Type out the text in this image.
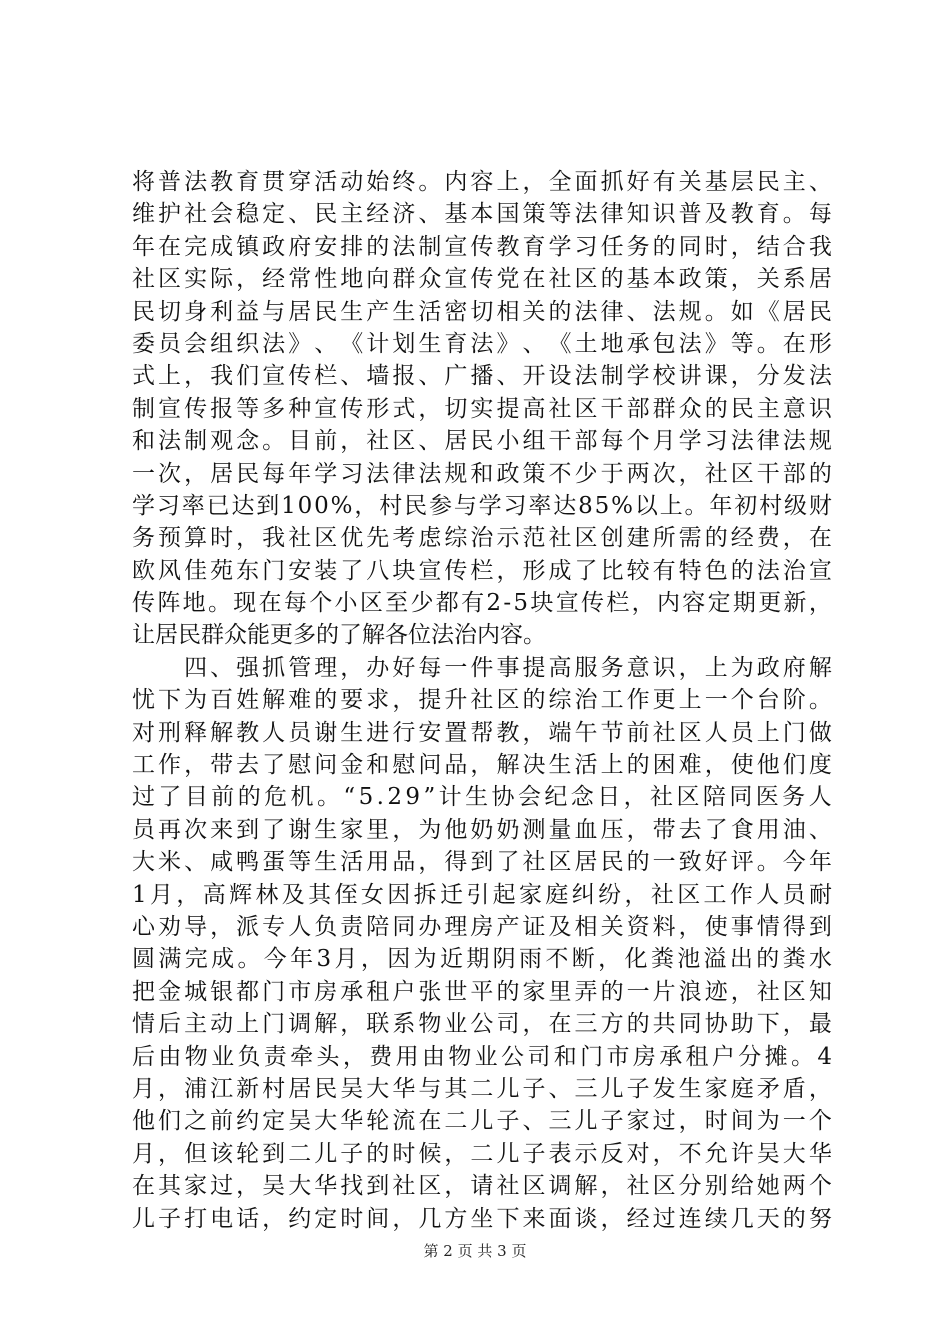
将 普 法 教 育 贯 穿 活 动 始 终 。 内 容 上 ， 全 面 抓 好 有 关 基 层 民 主 、
维 护 社 会 稳 定 、 民 主 经 济 、 基 本 国 策 等 法 律 知 识 普 及 教 育 。 每
年 在 完 成 镇 政 府 安 排 的 法 制 宣 传 教 育 学 习 任 务 的 同 时 ， 结 合 我
社 区 实 际 ， 经 常 性 地 向 群 众 宣 传 党 在 社 区 的 基 本 政 策 ， 关 系 居
民 切 身 利 益 与 居 民 生 产 生 活 密 切 相 关 的 法 律 、 法 规 。 如 《 居 民
委 员 会 组 织 法 》 、 《 计 划 生 育 法 》 、 《 土 地 承 包 法 》 等 。 在 形
式 上 ， 我 们 宣 传 栏 、 墙 报 、 广 播 、 开 设 法 制 学 校 讲 课 ， 分 发 法
制 宣 传 报 等 多 种 宣 传 形 式 ， 切 实 提 高 社 区 干 部 群 众 的 民 主 意 识
和 法 制 观 念 。 目 前 ， 社 区 、 居 民 小 组 干 部 每 个 月 学 习 法 律 法 规
一 次 ， 居 民 每 年 学 习 法 律 法 规 和 政 策 不 少 于 两 次 ， 社 区 干 部 的
学 习 率 已 达 到 1 0 0 % ， 村 民 参 与 学 习 率 达 8 5 % 以 上 。 年 初 村 级 财
务 预 算 时 ， 我 社 区 优 先 考 虑 综 治 示 范 社 区 创 建 所 需 的 经 费 ， 在
欧 风 佳 苑 东 门 安 装 了 八 块 宣 传 栏 ， 形 成 了 比 较 有 特 色 的 法 治 宣
传 阵 地 。 现 在 每 个 小 区 至 少 都 有 2 - 5 块 宣 传 栏 ， 内 容 定 期 更 新 ，
让居民群众能更多的了解各位法治内容。

四 、 强 抓 管 理 ， 办 好 每 一 件 事 提 高 服 务 意 识 ， 上 为 政 府 解
忧 下 为 百 姓 解 难 的 要 求 ， 提 升 社 区 的 综 治 工 作 更 上 一 个 台 阶 。
对 刑 释 解 教 人 员 谢 生 进 行 安 置 帮 教 ， 端 午 节 前 社 区 人 员 上 门 做
工 作 ， 带 去 了 慰 问 金 和 慰 问 品 ， 解 决 生 活 上 的 困 难 ， 使 他 们 度
过 了 目 前 的 危 机 。 “ 5 . 2 9 ” 计 生 协 会 纪 念 日 ， 社 区 陪 同 医 务 人
员 再 次 来 到 了 谢 生 家 里 ， 为 他 奶 奶 测 量 血 压 ， 带 去 了 食 用 油 、
大 米 、 咸 鸭 蛋 等 生 活 用 品 ， 得 到 了 社 区 居 民 的 一 致 好 评 。 今 年
1 月 ， 高 辉 林 及 其 侄 女 因 拆 迁 引 起 家 庭 纠 纷 ， 社 区 工 作 人 员 耐
心 劝 导 ， 派 专 人 负 责 陪 同 办 理 房 产 证 及 相 关 资 料 ， 使 事 情 得 到
圆 满 完 成 。 今 年 3 月 ， 因 为 近 期 阴 雨 不 断 ， 化 粪 池 溢 出 的 粪 水
把 金 城 银 都 门 市 房 承 租 户 张 世 平 的 家 里 弄 的 一 片 浪 迹 ， 社 区 知
情 后 主 动 上 门 调 解 ， 联 系 物 业 公 司 ， 在 三 方 的 共 同 协 助 下 ， 最
后 由 物 业 负 责 牵 头 ， 费 用 由 物 业 公 司 和 门 市 房 承 租 户 分 摊 。 4
月 ， 浦 江 新 村 居 民 吴 大 华 与 其 二 儿 子 、 三 儿 子 发 生 家 庭 矛 盾 ，
他 们 之 前 约 定 吴 大 华 轮 流 在 二 儿 子 、 三 儿 子 家 过 ， 时 间 为 一 个
月 ， 但 该 轮 到 二 儿 子 的 时 候 ， 二 儿 子 表 示 反 对 ， 不 允 许 吴 大 华
在 其 家 过 ， 吴 大 华 找 到 社 区 ， 请 社 区 调 解 ， 社 区 分 别 给 她 两 个
儿 子 打 电 话 ， 约 定 时 间 ， 几 方 坐 下 来 面 谈 ， 经 过 连 续 几 天 的 努
第 2 页 共 3 页
